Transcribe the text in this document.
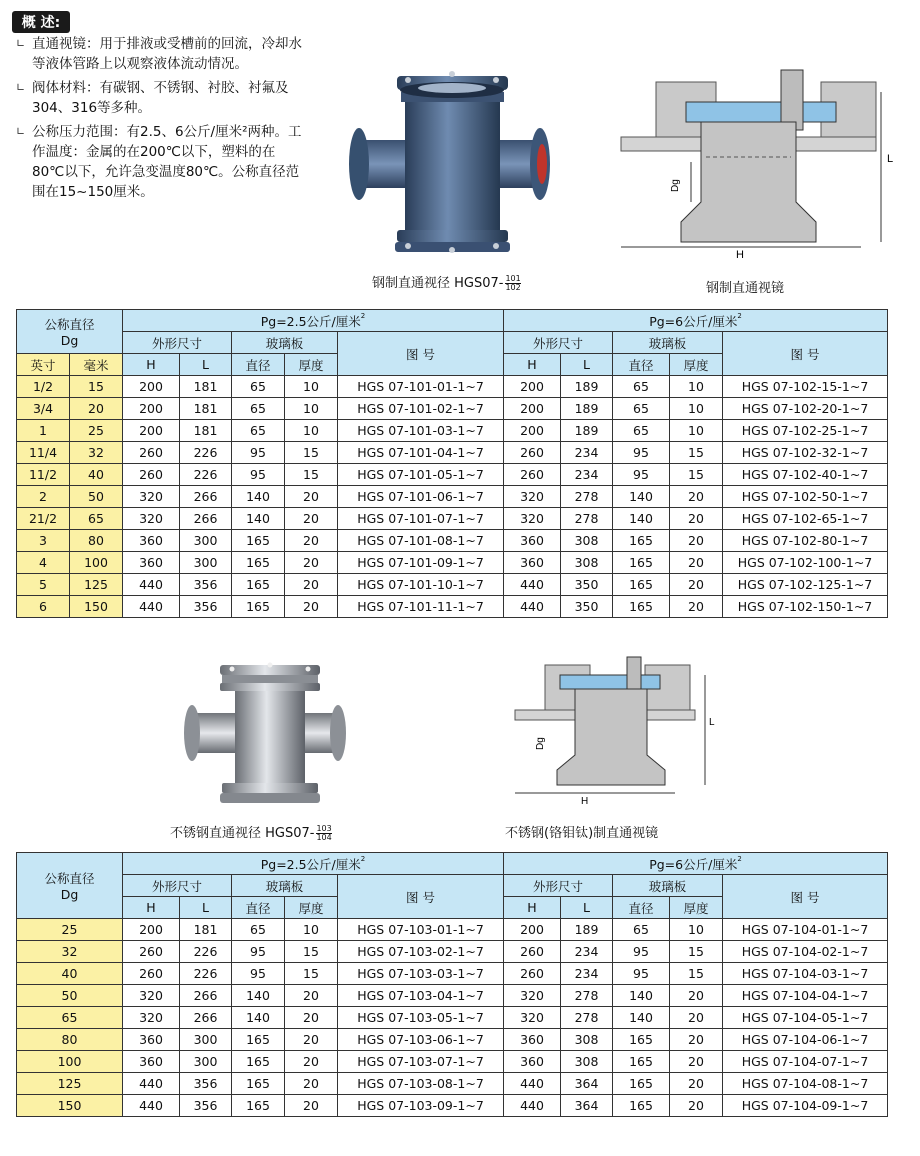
概 述:

∟ 直通视镜：用于排液或受槽前的回流，冷却水等液体管路上以观察液体流动情况。

∟ 阀体材料：有碳钢、不锈钢、衬胶、衬氟及304、316等多种。

∟ 公称压力范围：有2.5、6公斤/厘米²两种。工作温度：金属的在200℃以下，塑料的在80℃以下，允许急变温度80℃。公称直径范围在15~150厘米。

钢制直通视径 $HGS07- \frac{101}{102}$
H
L
Dg
钢制直通视镜
公称直径
Dg		Pg=2.5公斤/厘米$^2$					Pg=6公斤/厘米$^2$
		外形尺寸		玻璃板		图 号	外形尺寸		玻璃板		图 号
英寸	毫米	H	L	直径	厚度		H	L	直径	厚度	
1/2	15	200	181	65	10	HGS 07-101-01-1~7	200	189	65	10	HGS 07-102-15-1~7
3/4	20	200	181	65	10	HGS 07-101-02-1~7	200	189	65	10	HGS 07-102-20-1~7
1	25	200	181	65	10	HGS 07-101-03-1~7	200	189	65	10	HGS 07-102-25-1~7
11/4	32	260	226	95	15	HGS 07-101-04-1~7	260	234	95	15	HGS 07-102-32-1~7
11/2	40	260	226	95	15	HGS 07-101-05-1~7	260	234	95	15	HGS 07-102-40-1~7
2	50	320	266	140	20	HGS 07-101-06-1~7	320	278	140	20	HGS 07-102-50-1~7
21/2	65	320	266	140	20	HGS 07-101-07-1~7	320	278	140	20	HGS 07-102-65-1~7
3	80	360	300	165	20	HGS 07-101-08-1~7	360	308	165	20	HGS 07-102-80-1~7
4	100	360	300	165	20	HGS 07-101-09-1~7	360	308	165	20	HGS 07-102-100-1~7
5	125	440	356	165	20	HGS 07-101-10-1~7	440	350	165	20	HGS 07-102-125-1~7
6	150	440	356	165	20	HGS 07-101-11-1~7	440	350	165	20	HGS 07-102-150-1~7
不锈钢直通视径 $HGS07- \frac{103}{104}$
H
L
Dg
不锈钢(铬钼钛)制直通视镜
公称直径
Dg	Pg=2.5公斤/厘米$^2$					Pg=6公斤/厘米$^2$
	外形尺寸		玻璃板		图 号	外形尺寸		玻璃板		图 号
	H	L	直径	厚度		H	L	直径	厚度	
25	200	181	65	10	HGS 07-103-01-1~7	200	189	65	10	HGS 07-104-01-1~7
32	260	226	95	15	HGS 07-103-02-1~7	260	234	95	15	HGS 07-104-02-1~7
40	260	226	95	15	HGS 07-103-03-1~7	260	234	95	15	HGS 07-104-03-1~7
50	320	266	140	20	HGS 07-103-04-1~7	320	278	140	20	HGS 07-104-04-1~7
65	320	266	140	20	HGS 07-103-05-1~7	320	278	140	20	HGS 07-104-05-1~7
80	360	300	165	20	HGS 07-103-06-1~7	360	308	165	20	HGS 07-104-06-1~7
100	360	300	165	20	HGS 07-103-07-1~7	360	308	165	20	HGS 07-104-07-1~7
125	440	356	165	20	HGS 07-103-08-1~7	440	364	165	20	HGS 07-104-08-1~7
150	440	356	165	20	HGS 07-103-09-1~7	440	364	165	20	HGS 07-104-09-1~7
